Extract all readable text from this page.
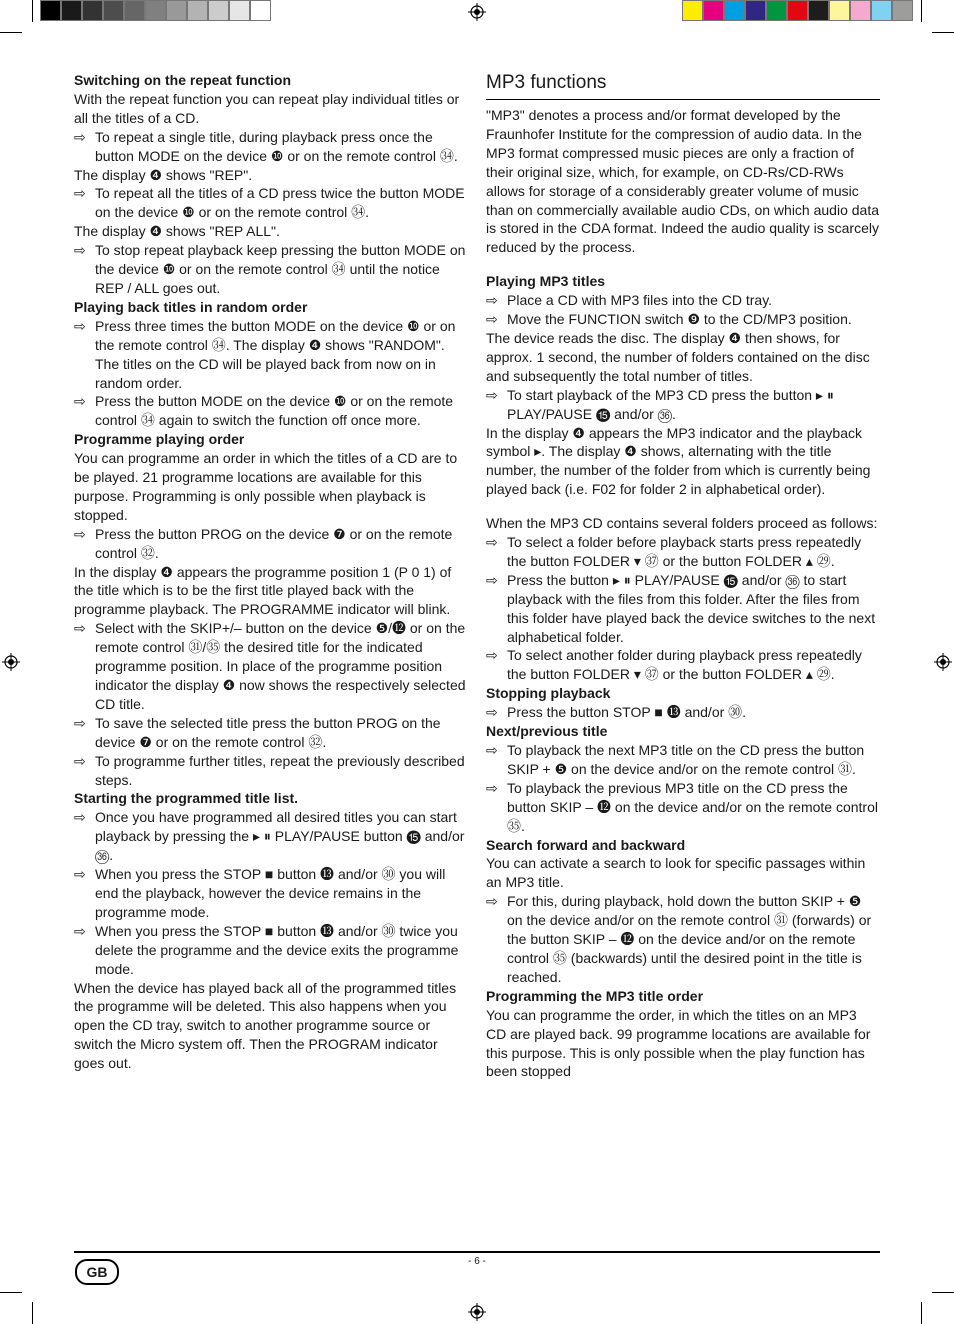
Switching on the repeat function
With the repeat function you can repeat play individual titles or all the titles of a CD.
⇨ To repeat a single title, during playback press once the button MODE on the device ❿ or on the remote control ㉞.
The display ❹ shows "REP".
⇨ To repeat all the titles of a CD press twice the button MODE on the device ❿ or on the remote control ㉞.
The display ❹ shows "REP ALL".
⇨ To stop repeat playback keep pressing the button MODE on the device ❿ or on the remote control ㉞ until the notice REP / ALL goes out.
Playing back titles in random order
⇨ Press three times the button MODE on the device ❿ or on the remote control ㉞. The display ❹ shows "RANDOM". The titles on the CD will be played back from now on in random order.
⇨ Press the button MODE on the device ❿ or on the remote control ㉞ again to switch the function off once more.
Programme playing order
You can programme an order in which the titles of a CD are to be played. 21 programme locations are available for this purpose. Programming is only possible when playback is stopped.
⇨ Press the button PROG on the device ❼ or on the remote control ㉜.
In the display ❹ appears the programme position 1 (P 0 1) of the title which is to be the first title played back with the programme playback. The PROGRAMME indicator will blink.
⇨ Select with the SKIP+/– button on the device ❺/⓬ or on the remote control ㉛/㉟ the desired title for the indicated programme position. In place of the programme position indicator the display ❹ now shows the respectively selected CD title.
⇨ To save the selected title press the button PROG on the device ❼ or on the remote control ㉜.
⇨ To programme further titles, repeat the previously described steps.
Starting the programmed title list.
⇨ Once you have programmed all desired titles you can start playback by pressing the ▸ ⏸ PLAY/PAUSE button ⓯ and/or ㊱.
⇨ When you press the STOP ■ button ⓭ and/or ㉚ you will end the playback, however the device remains in the programme mode.
⇨ When you press the STOP ■ button ⓭ and/or ㉚ twice you delete the programme and the device exits the programme mode.
When the device has played back all of the programmed titles the programme will be deleted. This also happens when you open the CD tray, switch to another programme source or switch the Micro system off. Then the PROGRAM indicator goes out.
MP3 functions
"MP3" denotes a process and/or format developed by the Fraunhofer Institute for the compression of audio data. In the MP3 format compressed music pieces are only a fraction of their original size, which, for example, on CD-Rs/CD-RWs allows for storage of a considerably greater volume of music than on commercially available audio CDs, on which audio data is stored in the CDA format. Indeed the audio quality is scarcely reduced by the process.
Playing MP3 titles
⇨ Place a CD with MP3 files into the CD tray.
⇨ Move the FUNCTION switch ❾ to the CD/MP3 position.
The device reads the disc. The display ❹ then shows, for approx. 1 second, the number of folders contained on the disc and subsequently the total number of titles.
⇨ To start playback of the MP3 CD press the button ▸ ⏸ PLAY/PAUSE ⓯ and/or ㊱.
In the display ❹ appears the MP3 indicator and the playback symbol ▸. The display ❹ shows, alternating with the title number, the number of the folder from which is currently being played back (i.e. F02 for folder 2 in alphabetical order).
When the MP3 CD contains several folders proceed as follows:
⇨ To select a folder before playback starts press repeatedly the button FOLDER ▾ ㊲ or the button FOLDER ▴ ㉙.
⇨ Press the button ▸ ⏸ PLAY/PAUSE ⓯ and/or ㊱ to start playback with the files from this folder. After the files from this folder have played back the device switches to the next alphabetical folder.
⇨ To select another folder during playback press repeatedly the button FOLDER ▾ ㊲ or the button FOLDER ▴ ㉙.
Stopping playback
⇨ Press the button STOP ■ ⓭ and/or ㉚.
Next/previous title
⇨ To playback the next MP3 title on the CD press the button SKIP + ❺ on the device and/or on the remote control ㉛.
⇨ To playback the previous MP3 title on the CD press the button SKIP – ⓬ on the device and/or on the remote control ㉟.
Search forward and backward
You can activate a search to look for specific passages within an MP3 title.
⇨ For this, during playback, hold down the button SKIP + ❺ on the device and/or on the remote control ㉛ (forwards) or the button SKIP – ⓬ on the device and/or on the remote control ㉟ (backwards) until the desired point in the title is reached.
Programming the MP3 title order
You can programme the order, in which the titles on an MP3 CD are played back. 99 programme locations are available for this purpose. This is only possible when the play function has been stopped
GB
- 6 -
